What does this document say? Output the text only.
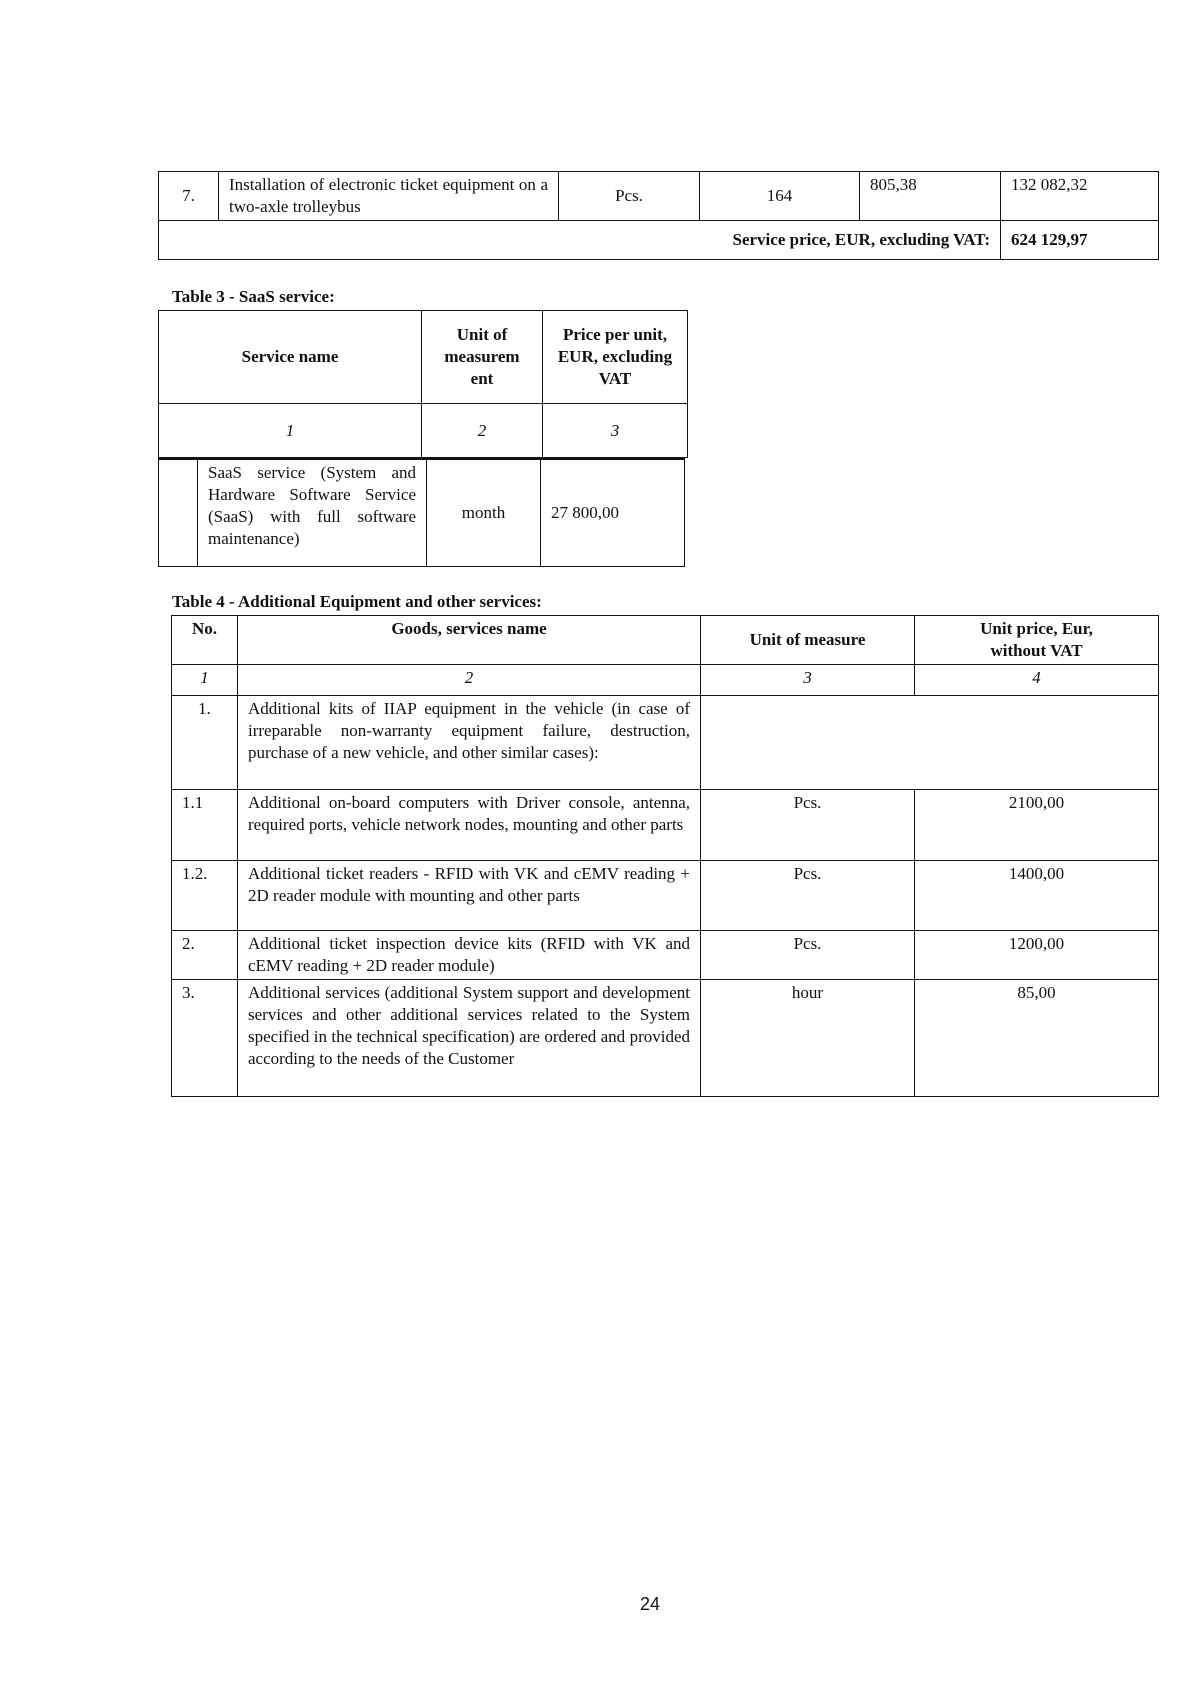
7.	Installation of electronic ticket equipment on a two-axle trolleybus	Pcs.	164	805,38	132 082,32
Service price, EUR, excluding VAT:					624 129,97
Table 3 - SaaS service:
Service name	Unit of measurem ent	Price per unit, EUR, excluding VAT
1	2	3
	SaaS service (System and Hardware Software Service (SaaS) with full software maintenance)	month	27 800,00
Table 4 - Additional Equipment and other services:
No.	Goods, services name	Unit of measure	Unit price, Eur, without VAT
1	2	3	4
1.	Additional kits of IIAP equipment in the vehicle (in case of irreparable non-warranty equipment failure, destruction, purchase of a new vehicle, and other similar cases):		
1.1	Additional on-board computers with Driver console, antenna, required ports, vehicle network nodes, mounting and other parts	Pcs.	2100,00
1.2.	Additional ticket readers - RFID with VK and cEMV reading + 2D reader module with mounting and other parts	Pcs.	1400,00
2.	Additional ticket inspection device kits (RFID with VK and cEMV reading + 2D reader module)	Pcs.	1200,00
3.	Additional services (additional System support and development services and other additional services related to the System specified in the technical specification) are ordered and provided according to the needs of the Customer	hour	85,00
24
